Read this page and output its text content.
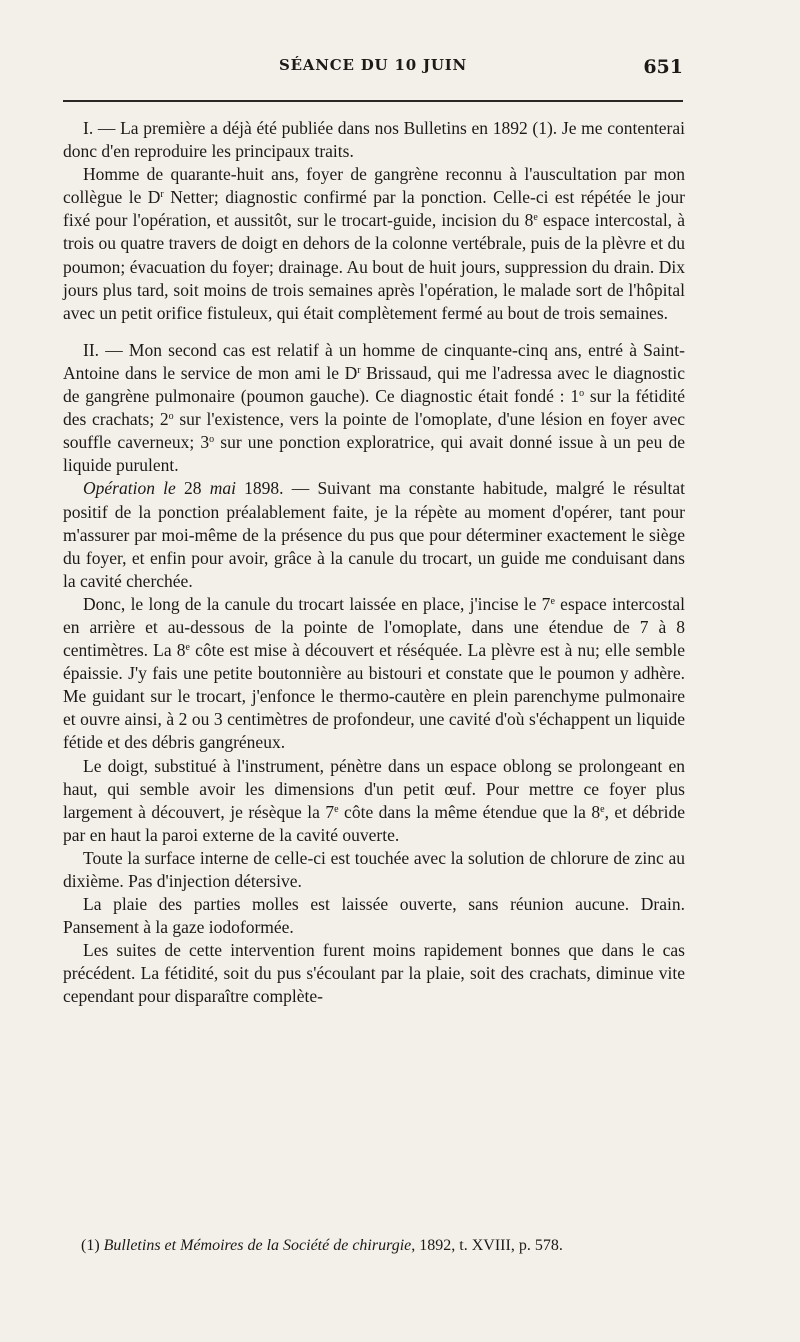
SÉANCE DU 10 JUIN	651

I. — La première a déjà été publiée dans nos Bulletins en 1892 (1). Je me contenterai donc d'en reproduire les principaux traits.

Homme de quarante-huit ans, foyer de gangrène reconnu à l'auscultation par mon collègue le $D^r$ Netter; diagnostic confirmé par la ponction. Celle-ci est répétée le jour fixé pour l'opération, et aussitôt, sur le trocart-guide, incision du 8e espace intercostal, à trois ou quatre travers de doigt en dehors de la colonne vertébrale, puis de la plèvre et du poumon; évacuation du foyer; drainage. Au bout de huit jours, suppression du drain. Dix jours plus tard, soit moins de trois semaines après l'opération, le malade sort de l'hôpital avec un petit orifice fistuleux, qui était complètement fermé au bout de trois semaines.

II. — Mon second cas est relatif à un homme de cinquante-cinq ans, entré à Saint-Antoine dans le service de mon ami le $D^r$ Brissaud, qui me l'adressa avec le diagnostic de gangrène pulmonaire (poumon gauche). Ce diagnostic était fondé : 1$^o$ sur la fétidité des crachats; 2$^o$ sur l'existence, vers la pointe de l'omoplate, d'une lésion en foyer avec souffle caverneux; 3$^o$ sur une ponction exploratrice, qui avait donné issue à un peu de liquide purulent.

Opération le 28 mai 1898. — Suivant ma constante habitude, malgré le résultat positif de la ponction préalablement faite, je la répète au moment d'opérer, tant pour m'assurer par moi-même de la présence du pus que pour déterminer exactement le siège du foyer, et enfin pour avoir, grâce à la canule du trocart, un guide me conduisant dans la cavité cherchée.

Donc, le long de la canule du trocart laissée en place, j'incise le 7e espace intercostal en arrière et au-dessous de la pointe de l'omoplate, dans une étendue de 7 à 8 centimètres. La 8e côte est mise à découvert et réséquée. La plèvre est à nu; elle semble épaissie. J'y fais une petite boutonnière au bistouri et constate que le poumon y adhère. Me guidant sur le trocart, j'enfonce le thermo-cautère en plein parenchyme pulmonaire et ouvre ainsi, à 2 ou 3 centimètres de profondeur, une cavité d'où s'échappent un liquide fétide et des débris gangréneux.

Le doigt, substitué à l'instrument, pénètre dans un espace oblong se prolongeant en haut, qui semble avoir les dimensions d'un petit œuf. Pour mettre ce foyer plus largement à découvert, je résèque la 7e côte dans la même étendue que la 8e, et débride par en haut la paroi externe de la cavité ouverte.

Toute la surface interne de celle-ci est touchée avec la solution de chlorure de zinc au dixième. Pas d'injection détersive.

La plaie des parties molles est laissée ouverte, sans réunion aucune. Drain. Pansement à la gaze iodoformée.

Les suites de cette intervention furent moins rapidement bonnes que dans le cas précédent. La fétidité, soit du pus s'écoulant par la plaie, soit des crachats, diminue vite cependant pour disparaître complète-

(1) Bulletins et Mémoires de la Société de chirurgie, 1892, t. XVIII, p. 578.
